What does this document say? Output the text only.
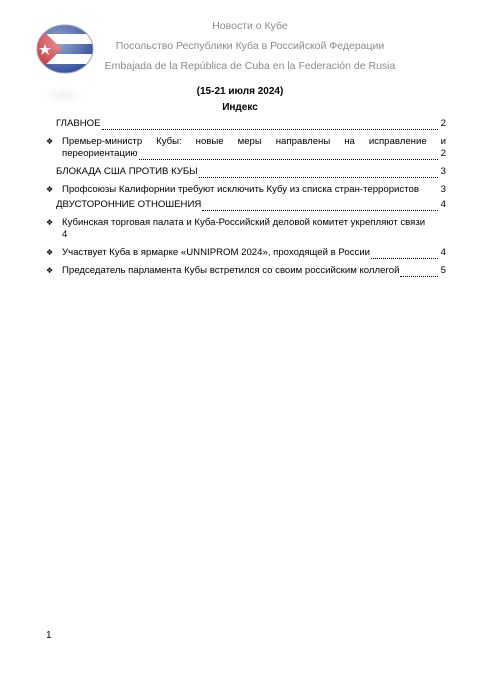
Новости о Кубе
Посольство Республики Куба в Российской Федерации
Embajada de la República de Cuba en la Federación de Rusia
(15-21 июля 2024)
Индекс
ГЛАВНОЕ	2
❖ Премьер-министр Кубы: новые меры направлены на исправление и
переориентацию	2
БЛОКАДА США ПРОТИВ КУБЫ	3
❖ Профсоюзы Калифорнии требуют исключить Кубу из списка стран-террористов	3
ДВУСТОРОННИЕ ОТНОШЕНИЯ	4
❖ Кубинская торговая палата и Куба-Российский деловой комитет укрепляют связи
4
❖ Участвует Куба в ярмарке «UNNIPROM 2024», проходящей в России	4
❖ Председатель парламента Кубы встретился со своим российским коллегой	5
1
